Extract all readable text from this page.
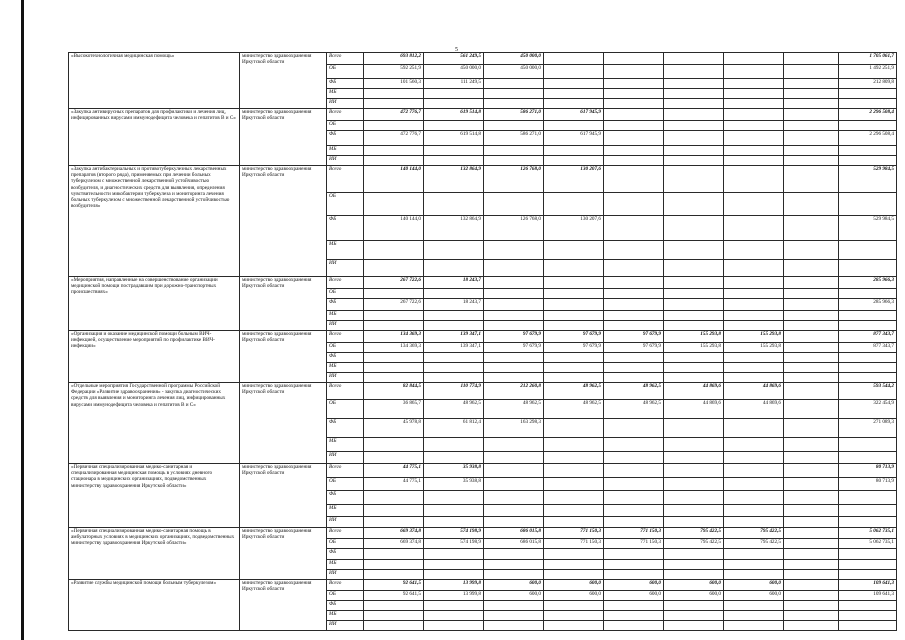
5
«Высокотехнологичная медицинская помощь»	министерство здравоохранения Иркутской области	Всего	693 812,2	561 249,5	450 000,0						1 705 061,7
		ОБ	592 251,9	450 000,0	450 000,0						1 492 251,9
		ФБ	101 560,3	111 249,5							212 809,8
		МБ									
		ИИ									
«Закупка антивирусных препаратов для профилактики и лечения лиц, инфицированных вирусами иммунодефицита человека и гепатитов В и С»	министерство здравоохранения Иркутской области	Всего	472 776,7	619 514,8	586 271,0	617 945,9					2 296 508,4
		ОБ									
		ФБ	472 776,7	619 514,8	586 271,0	617 945,9					2 296 508,4
		МБ									
		ИИ									
«Закупка антибактериальных и противотуберкулезных лекарственных препаратов (второго ряда), применяемых при лечении больных туберкулезом с множественной лекарственной устойчивостью возбудителя, и диагностических средств для выявления, определения чувствительности микобактерии туберкулеза и мониторинга лечения больных туберкулезом с множественной лекарственной устойчивостью возбудителя»	министерство здравоохранения Иркутской области	Всего	140 144,0	132 864,9	126 768,0	130 207,6					529 984,5
		ОБ									
		ФБ	140 144,0	132 864,9	126 768,0	130 207,6					529 984,5
		МБ									
		ИИ									
«Мероприятия, направленные на совершенствование организации медицинской помощи пострадавшим при дорожно-транспортных происшествиях»	министерство здравоохранения Иркутской области	Всего	267 722,6	18 243,7							285 966,3
		ОБ									
		ФБ	267 722,6	18 243,7							285 966,3
		МБ									
		ИИ									
«Организация и оказание медицинской помощи больным ВИЧ-инфекцией, осуществление мероприятий по профилактике ВИЧ-инфекции»	министерство здравоохранения Иркутской области	Всего	134 369,3	139 347,1	97 679,9	97 679,9	97 679,9	155 293,8	155 293,8		877 343,7
		ОБ	134 369,3	139 347,1	97 679,9	97 679,9	97 679,9	155 293,8	155 293,8		877 343,7
		ФБ									
		МБ									
		ИИ									
«Отдельные мероприятия Государственной программы Российской Федерации «Развитие здравоохранения» - закупка диагностических средств для выявления и мониторинга лечения лиц, инфицированных вирусами иммунодефицита человека и гепатитов В и С»	министерство здравоохранения Иркутской области	Всего	82 844,5	110 774,9	212 260,8	48 962,5	48 962,5	44 869,6	44 869,6		593 544,2
		ОБ	36 865,7	48 962,5	48 962,5	48 962,5	48 962,5	44 869,6	44 869,6		322 454,9
		ФБ	45 978,8	61 812,4	163 298,3						271 089,3
		МБ									
		ИИ									
«Первичная специализированная медико-санитарная и специализированная медицинская помощь в условиях дневного стационара в медицинских организациях, подведомственных министерству здравоохранения Иркутской области»	министерство здравоохранения Иркутской области	Всего	44 775,1	35 938,8							80 713,9
		ОБ	44 775,1	35 938,8							80 713,9
		ФБ									
		МБ									
		ИИ									
«Первичная специализированная медико-санитарная помощь в амбулаторных условиях в медицинских организациях, подведомственных министерству здравоохранения Иркутской области»	министерство здравоохранения Иркутской области	Всего	669 374,8	574 198,9	686 015,8	771 150,3	771 150,3	795 422,5	795 422,5		5 062 735,1
		ОБ	669 374,8	574 198,9	686 015,8	771 150,3	771 150,3	795 422,5	795 422,5		5 062 735,1
		ФБ									
		МБ									
		ИИ									
«Развитие службы медицинской помощи больным туберкулезом»	министерство здравоохранения Иркутской области	Всего	92 641,5	13 999,8	600,0	600,0	600,0	600,0	600,0		109 641,3
		ОБ	92 641,5	13 999,8	600,0	600,0	600,0	600,0	600,0		109 641,3
		ФБ									
		МБ									
		ИИ									
